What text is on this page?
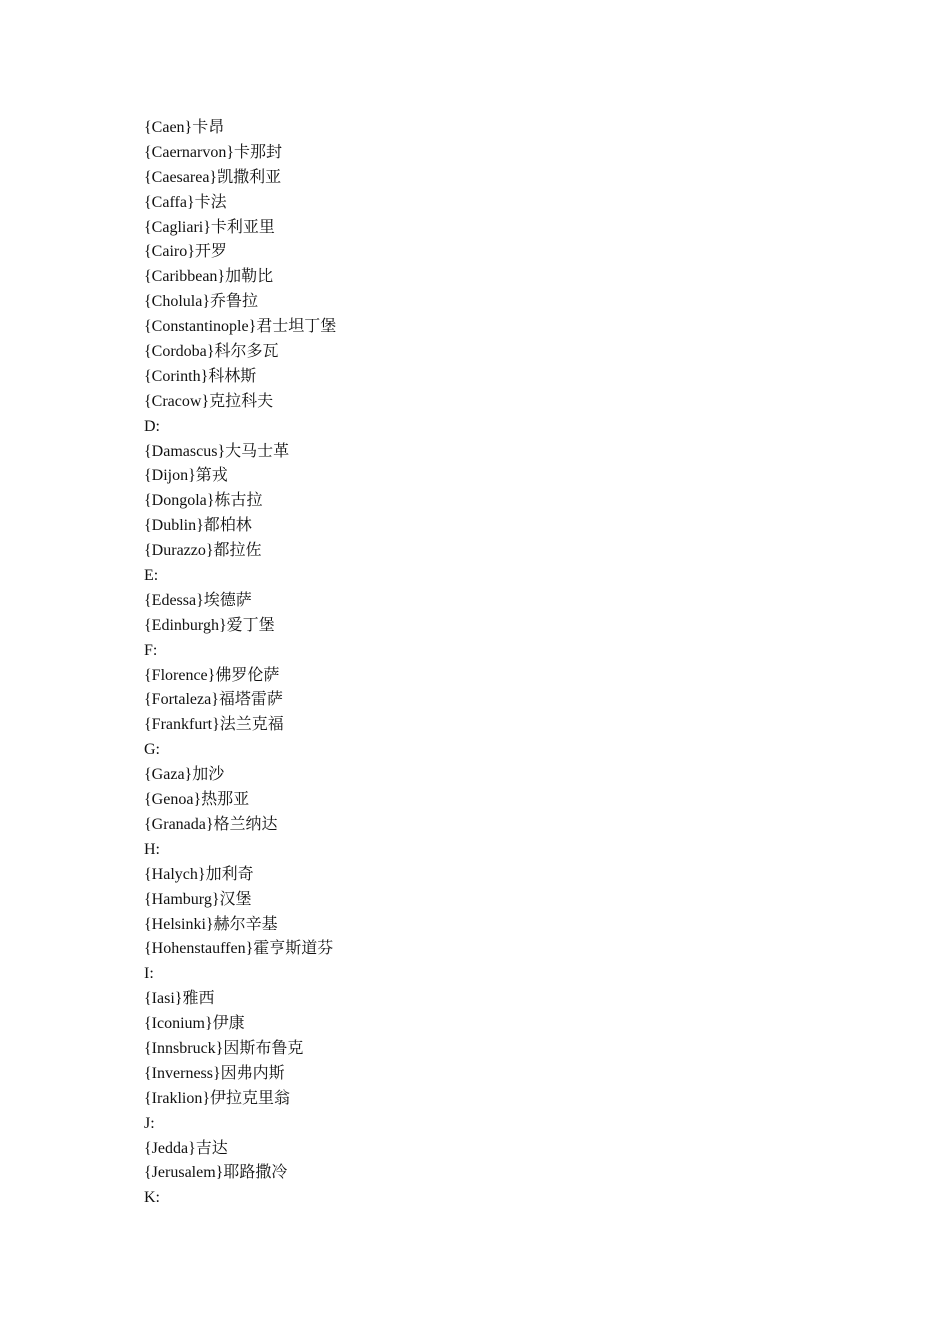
{Caen}卡昂
{Caernarvon}卡那封
{Caesarea}凯撒利亚
{Caffa}卡法
{Cagliari}卡利亚里
{Cairo}开罗
{Caribbean}加勒比
{Cholula}乔鲁拉
{Constantinople}君士坦丁堡
{Cordoba}科尔多瓦
{Corinth}科林斯
{Cracow}克拉科夫
D:
{Damascus}大马士革
{Dijon}第戎
{Dongola}栋古拉
{Dublin}都柏林
{Durazzo}都拉佐
E:
{Edessa}埃德萨
{Edinburgh}爱丁堡
F:
{Florence}佛罗伦萨
{Fortaleza}福塔雷萨
{Frankfurt}法兰克福
G:
{Gaza}加沙
{Genoa}热那亚
{Granada}格兰纳达
H:
{Halych}加利奇
{Hamburg}汉堡
{Helsinki}赫尔辛基
{Hohenstauffen}霍亨斯道芬
I:
{Iasi}雅西
{Iconium}伊康
{Innsbruck}因斯布鲁克
{Inverness}因弗内斯
{Iraklion}伊拉克里翁
J:
{Jedda}吉达
{Jerusalem}耶路撒冷
K:
